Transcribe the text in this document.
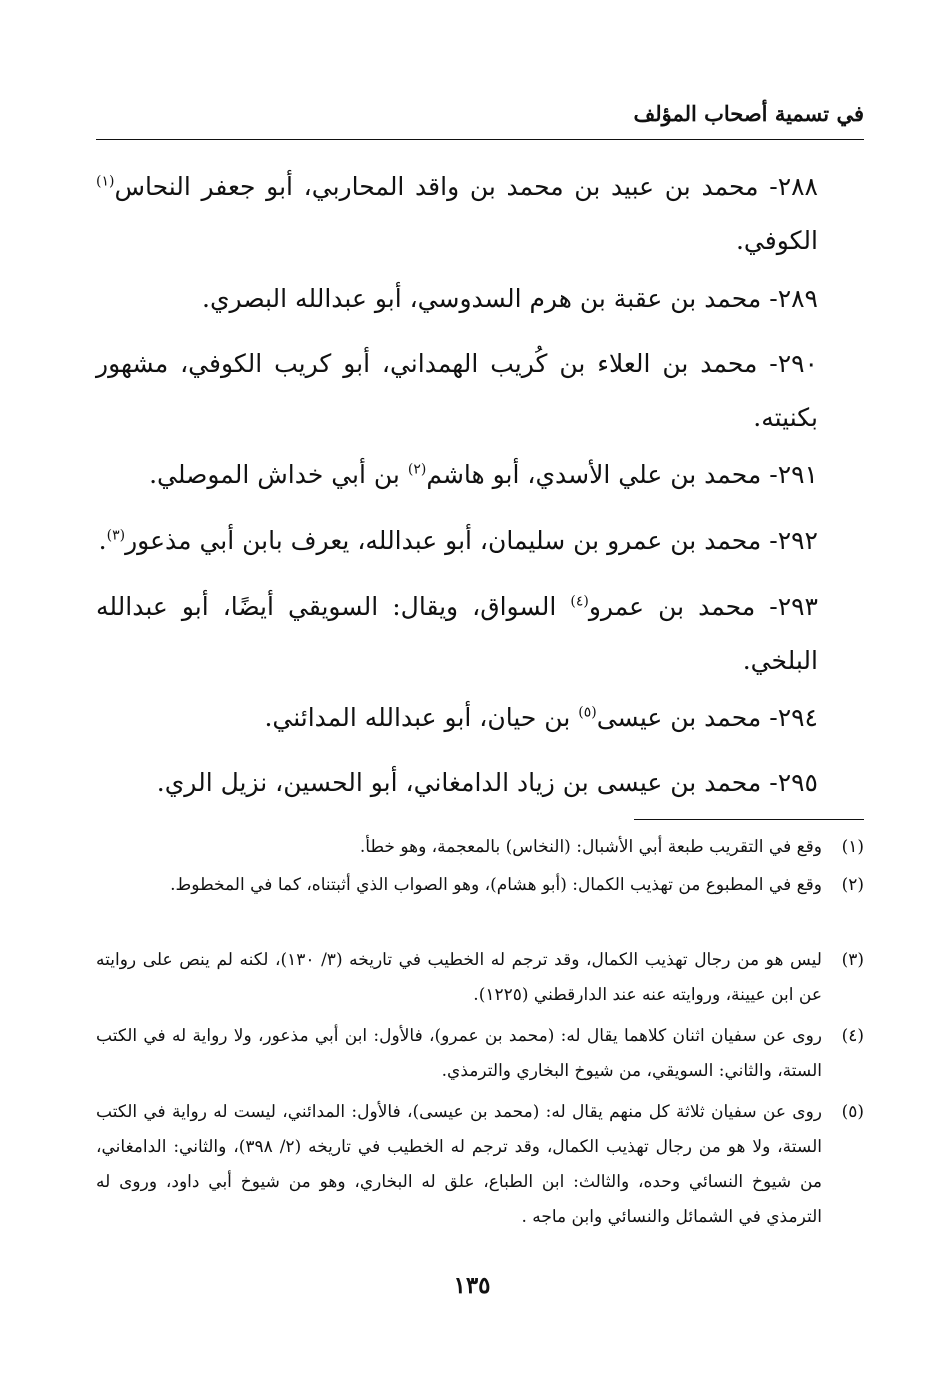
في تسمية أصحاب المؤلف
٢٨٨- محمد بن عبيد بن محمد بن واقد المحاربي، أبو جعفر النحاس$^{(١)}$ الكوفي.
٢٨٩- محمد بن عقبة بن هرم السدوسي، أبو عبدالله البصري.
٢٩٠- محمد بن العلاء بن كُريب الهمداني، أبو كريب الكوفي، مشهور بكنيته.
٢٩١- محمد بن علي الأسدي، أبو هاشم$^{(٢)}$ بن أبي خداش الموصلي.
٢٩٢- محمد بن عمرو بن سليمان، أبو عبدالله، يعرف بابن أبي مذعور$^{(٣)}$.
٢٩٣- محمد بن عمرو$^{(٤)}$ السواق، ويقال: السويقي أيضًا، أبو عبدالله البلخي.
٢٩٤- محمد بن عيسى$^{(٥)}$ بن حيان، أبو عبدالله المدائني.
٢٩٥- محمد بن عيسى بن زياد الدامغاني، أبو الحسين، نزيل الري.
(١)
وقع في التقريب طبعة أبي الأشبال: (النخاس) بالمعجمة، وهو خطأ.
(٢)
وقع في المطبوع من تهذيب الكمال: (أبو هشام)، وهو الصواب الذي أثبتناه، كما في المخطوط.
(٣)
ليس هو من رجال تهذيب الكمال، وقد ترجم له الخطيب في تاريخه (٣/ ١٣٠)، لكنه لم ينص على روايته عن ابن عيينة، وروايته عنه عند الدارقطني (١٢٢٥).
(٤)
روى عن سفيان اثنان كلاهما يقال له: (محمد بن عمرو)، فالأول: ابن أبي مذعور، ولا رواية له في الكتب الستة، والثاني: السويقي، من شيوخ البخاري والترمذي.
(٥)
روى عن سفيان ثلاثة كل منهم يقال له: (محمد بن عيسى)، فالأول: المدائني، ليست له رواية في الكتب الستة، ولا هو من رجال تهذيب الكمال، وقد ترجم له الخطيب في تاريخه (٢/ ٣٩٨)، والثاني: الدامغاني، من شيوخ النسائي وحده، والثالث: ابن الطباع، علق له البخاري، وهو من شيوخ أبي داود، وروى له الترمذي في الشمائل والنسائي وابن ماجه .
١٣٥
